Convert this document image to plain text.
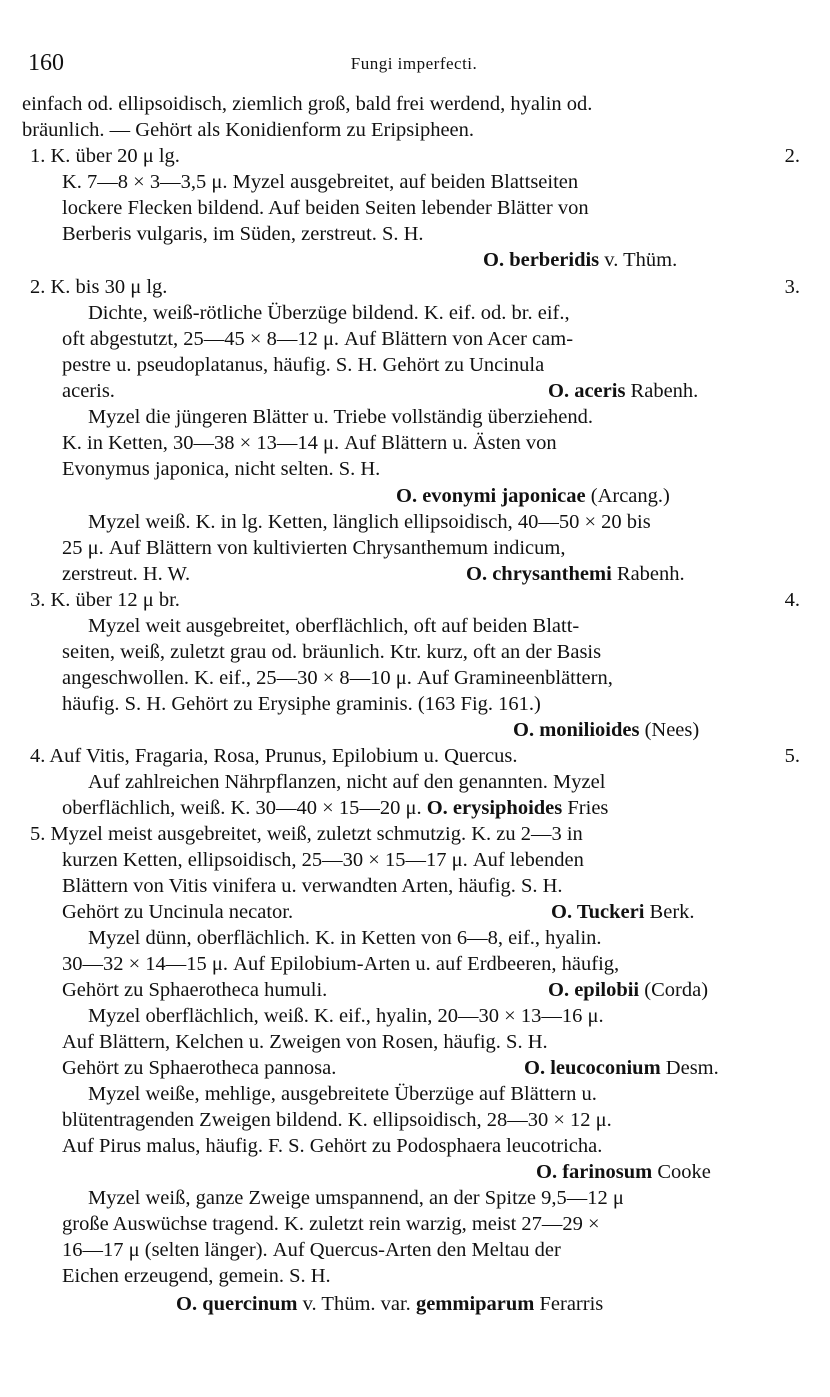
160	Fungi imperfecti.
einfach od. ellipsoidisch, ziemlich groß, bald frei werdend, hyalin od.
bräunlich. — Gehört als Konidienform zu Eripsipheen.
1. K. über 20 μ lg.	2.
K. 7—8 × 3—3,5 μ. Myzel ausgebreitet, auf beiden Blattseiten
lockere Flecken bildend. Auf beiden Seiten lebender Blätter von
Berberis vulgaris, im Süden, zerstreut. S. H.
O. berberidis v. Thüm.
2. K. bis 30 μ lg.	3.
Dichte, weiß-rötliche Überzüge bildend. K. eif. od. br. eif.,
oft abgestutzt, 25—45 × 8—12 μ. Auf Blättern von Acer cam-
pestre u. pseudoplatanus, häufig. S. H. Gehört zu Uncinula
aceris.	O. aceris Rabenh.
Myzel die jüngeren Blätter u. Triebe vollständig überziehend.
K. in Ketten, 30—38 × 13—14 μ. Auf Blättern u. Ästen von
Evonymus japonica, nicht selten. S. H.
O. evonymi japonicae (Arcang.)
Myzel weiß. K. in lg. Ketten, länglich ellipsoidisch, 40—50 × 20 bis
25 μ. Auf Blättern von kultivierten Chrysanthemum indicum,
zerstreut. H. W.	O. chrysanthemi Rabenh.
3. K. über 12 μ br.	4.
Myzel weit ausgebreitet, oberflächlich, oft auf beiden Blatt-
seiten, weiß, zuletzt grau od. bräunlich. Ktr. kurz, oft an der Basis
angeschwollen. K. eif., 25—30 × 8—10 μ. Auf Gramineenblättern,
häufig. S. H. Gehört zu Erysiphe graminis. (163 Fig. 161.)
O. monilioides (Nees)
4. Auf Vitis, Fragaria, Rosa, Prunus, Epilobium u. Quercus.	5.
Auf zahlreichen Nährpflanzen, nicht auf den genannten. Myzel
oberflächlich, weiß. K. 30—40 × 15—20 μ. O. erysiphoides Fries
5. Myzel meist ausgebreitet, weiß, zuletzt schmutzig. K. zu 2—3 in
kurzen Ketten, ellipsoidisch, 25—30 × 15—17 μ. Auf lebenden
Blättern von Vitis vinifera u. verwandten Arten, häufig. S. H.
Gehört zu Uncinula necator.	O. Tuckeri Berk.
Myzel dünn, oberflächlich. K. in Ketten von 6—8, eif., hyalin.
30—32 × 14—15 μ. Auf Epilobium-Arten u. auf Erdbeeren, häufig,
Gehört zu Sphaerotheca humuli.	O. epilobii (Corda)
Myzel oberflächlich, weiß. K. eif., hyalin, 20—30 × 13—16 μ.
Auf Blättern, Kelchen u. Zweigen von Rosen, häufig. S. H.
Gehört zu Sphaerotheca pannosa.	O. leucoconium Desm.
Myzel weiße, mehlige, ausgebreitete Überzüge auf Blättern u.
blütentragenden Zweigen bildend. K. ellipsoidisch, 28—30 × 12 μ.
Auf Pirus malus, häufig. F. S. Gehört zu Podosphaera leucotricha.
O. farinosum Cooke
Myzel weiß, ganze Zweige umspannend, an der Spitze 9,5—12 μ
große Auswüchse tragend. K. zuletzt rein warzig, meist 27—29 ×
16—17 μ (selten länger). Auf Quercus-Arten den Meltau der
Eichen erzeugend, gemein. S. H.
O. quercinum v. Thüm. var. gemmiparum Ferarris
